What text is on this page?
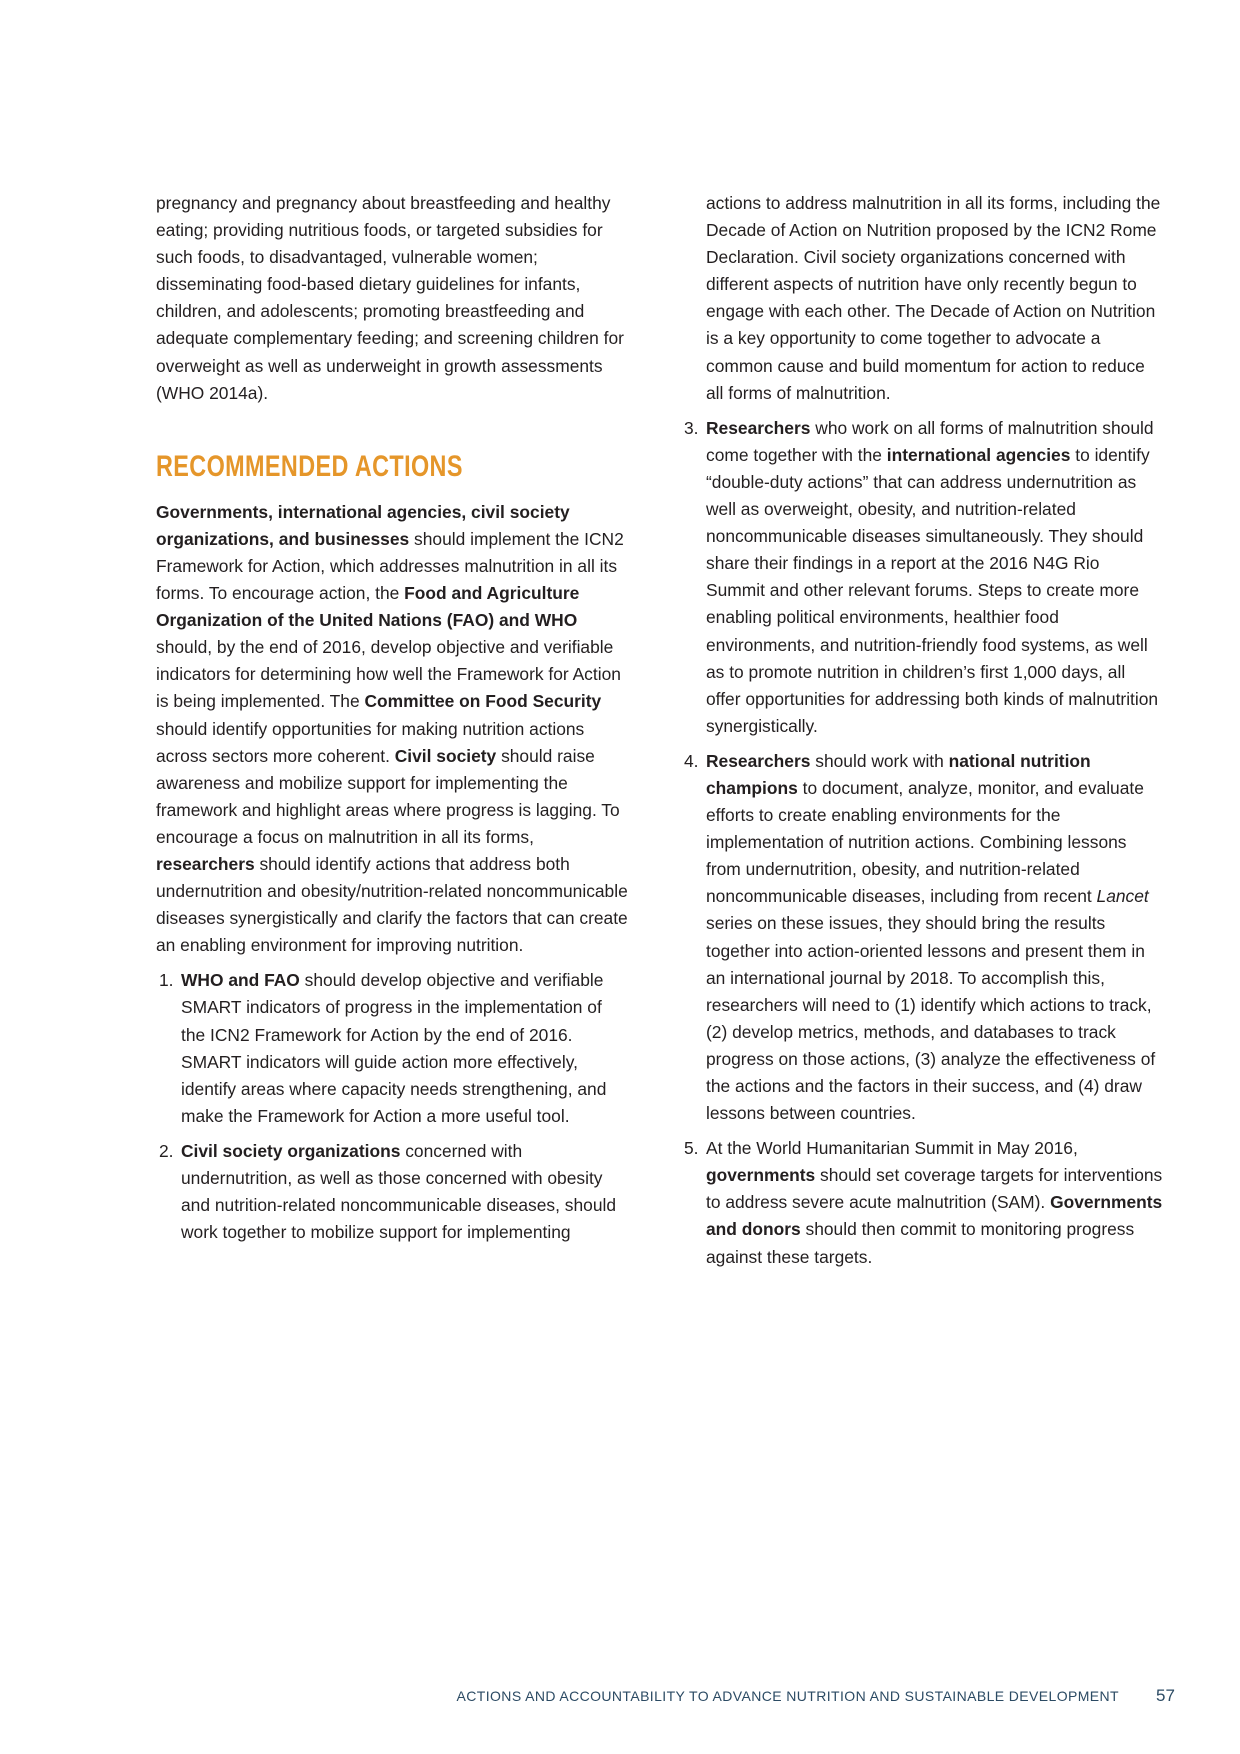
pregnancy and pregnancy about breastfeeding and healthy eating; providing nutritious foods, or targeted subsidies for such foods, to disadvantaged, vulnerable women; disseminating food-based dietary guidelines for infants, children, and adolescents; promoting breastfeeding and adequate complementary feeding; and screening children for overweight as well as underweight in growth assessments (WHO 2014a).

RECOMMENDED ACTIONS

Governments, international agencies, civil society organizations, and businesses should implement the ICN2 Framework for Action, which addresses malnutrition in all its forms. To encourage action, the Food and Agriculture Organization of the United Nations (FAO) and WHO should, by the end of 2016, develop objective and verifiable indicators for determining how well the Framework for Action is being implemented. The Committee on Food Security should identify opportunities for making nutrition actions across sectors more coherent. Civil society should raise awareness and mobilize support for implementing the framework and highlight areas where progress is lagging. To encourage a focus on malnutrition in all its forms, researchers should identify actions that address both undernutrition and obesity/nutrition-related noncommunicable diseases synergistically and clarify the factors that can create an enabling environment for improving nutrition.

1. WHO and FAO should develop objective and verifiable SMART indicators of progress in the implementation of the ICN2 Framework for Action by the end of 2016. SMART indicators will guide action more effectively, identify areas where capacity needs strengthening, and make the Framework for Action a more useful tool.
2. Civil society organizations concerned with undernutrition, as well as those concerned with obesity and nutrition-related noncommunicable diseases, should work together to mobilize support for implementing
actions to address malnutrition in all its forms, including the Decade of Action on Nutrition proposed by the ICN2 Rome Declaration. Civil society organizations concerned with different aspects of nutrition have only recently begun to engage with each other. The Decade of Action on Nutrition is a key opportunity to come together to advocate a common cause and build momentum for action to reduce all forms of malnutrition.
3. Researchers who work on all forms of malnutrition should come together with the international agencies to identify “double-duty actions” that can address undernutrition as well as overweight, obesity, and nutrition-related noncommunicable diseases simultaneously. They should share their findings in a report at the 2016 N4G Rio Summit and other relevant forums. Steps to create more enabling political environments, healthier food environments, and nutrition-friendly food systems, as well as to promote nutrition in children’s first 1,000 days, all offer opportunities for addressing both kinds of malnutrition synergistically.
4. Researchers should work with national nutrition champions to document, analyze, monitor, and evaluate efforts to create enabling environments for the implementation of nutrition actions. Combining lessons from undernutrition, obesity, and nutrition-related noncommunicable diseases, including from recent Lancet series on these issues, they should bring the results together into action-oriented lessons and present them in an international journal by 2018. To accomplish this, researchers will need to (1) identify which actions to track, (2) develop metrics, methods, and databases to track progress on those actions, (3) analyze the effectiveness of the actions and the factors in their success, and (4) draw lessons between countries.
5. At the World Humanitarian Summit in May 2016, governments should set coverage targets for interventions to address severe acute malnutrition (SAM). Governments and donors should then commit to monitoring progress against these targets.
ACTIONS AND ACCOUNTABILITY TO ADVANCE NUTRITION AND SUSTAINABLE DEVELOPMENT 57
